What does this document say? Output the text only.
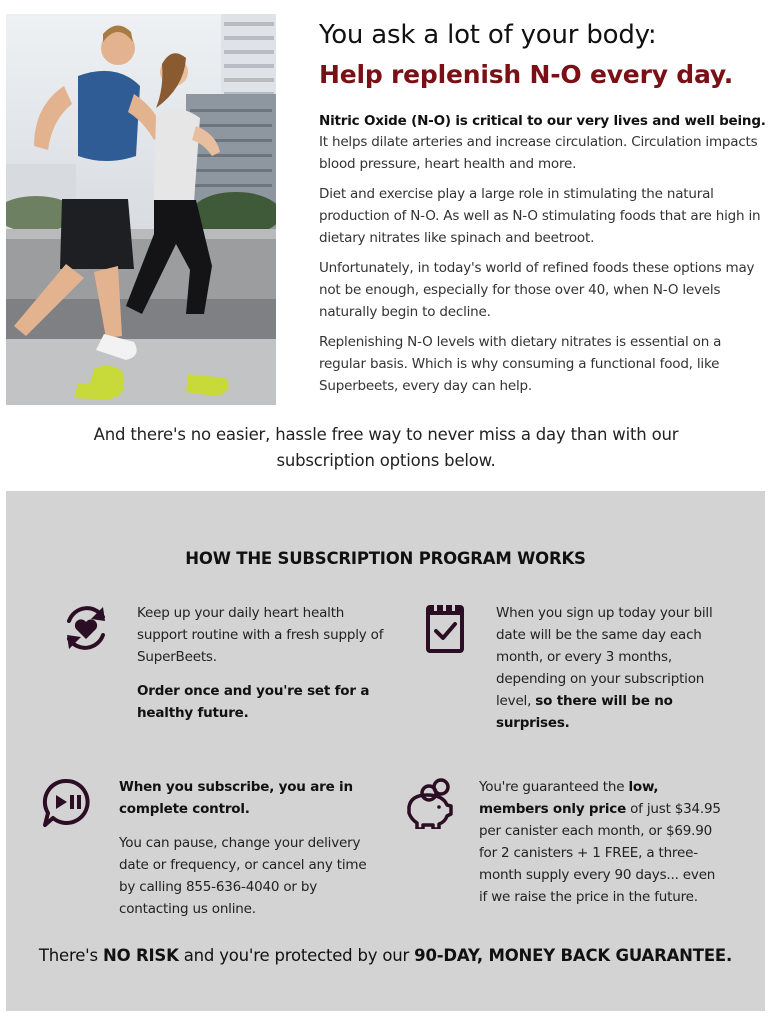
You ask a lot of your body:
Help replenish N-O every day.

Nitric Oxide (N-O) is critical to our very lives and well being.

It helps dilate arteries and increase circulation. Circulation impacts blood pressure, heart health and more.

Diet and exercise play a large role in stimulating the natural production of N-O. As well as N-O stimulating foods that are high in dietary nitrates like spinach and beetroot.

Unfortunately, in today's world of refined foods these options may not be enough, especially for those over 40, when N-O levels naturally begin to decline.

Replenishing N-O levels with dietary nitrates is essential on a regular basis. Which is why consuming a functional food, like Superbeets, every day can help.

And there's no easier, hassle free way to never miss a day than with our subscription options below.

HOW THE SUBSCRIPTION PROGRAM WORKS

Keep up your daily heart health support routine with a fresh supply of SuperBeets.

Order once and you're set for a healthy future.

When you sign up today your bill date will be the same day each month, or every 3 months, depending on your subscription level, so there will be no surprises.

When you subscribe, you are in complete control.

You can pause, change your delivery date or frequency, or cancel any time by calling 855-636-4040 or by contacting us online.

You're guaranteed the low, members only price of just $34.95 per canister each month, or $69.90 for 2 canisters + 1 FREE, a three-month supply every 90 days... even if we raise the price in the future.

There's NO RISK and you're protected by our 90-DAY, MONEY BACK GUARANTEE.
